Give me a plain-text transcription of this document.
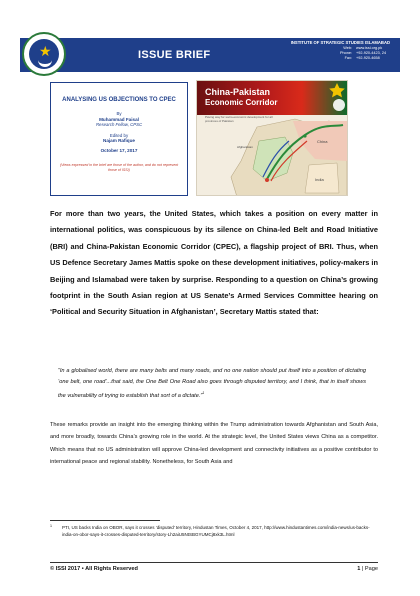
★	ISSUE BRIEF
INSTITUTE OF STRATEGIC STUDIES ISLAMABAD
Web: www.issi.org.pk
Phone: +92-920-4423, 24
Fax: +92-920-4658
ANALYSING US OBJECTIONS TO CPEC
By
Muhammad Faisal
Research Fellow, CPSC
Edited by
Najam Rafique
October 17, 2017
(Views expressed in the brief are those of the author, and do not represent those of ISSI)
China-Pakistan
Economic Corridor
Paving way for socio-economic development for all provinces of Pakistan
China
India
Afghanistan
For more than two years, the United States, which takes a position on every matter in international politics, was conspicuous by its silence on China-led Belt and Road Initiative (BRI) and China-Pakistan Economic Corridor (CPEC), a flagship project of BRI. Thus, when US Defence Secretary James Mattis spoke on these development initiatives, policy-makers in Beijing and Islamabad were taken by surprise. Responding to a question on China’s growing footprint in the South Asian region at US Senate’s Armed Services Committee hearing on ‘Political and Security Situation in Afghanistan’, Secretary Mattis stated that:
“In a globalised world, there are many belts and many roads, and no one nation should put itself into a position of dictating ‘one belt, one road’...that said, the One Belt One Road also goes through disputed territory, and I think, that in itself shows the vulnerability of trying to establish that sort of a dictate.”$^1$
These remarks provide an insight into the emerging thinking within the Trump administration towards Afghanistan and South Asia, and more broadly, towards China’s growing role in the world. At the strategic level, the United States views China as a competitor. Which means that no US administration will approve China-led development and connectivity initiatives as a positive contributor to international peace and regional stability. Nonetheless, for South Asia and
1 PTI, US backs India on OBOR, says it crosses ‘disputed’ territory, Hindustan Times, October 4, 2017, http://www.hindustantimes.com/india-news/us-backs-india-on-obor-says-it-crosses-disputed-territory/story-Lh2aiU5NtSBGYUMCj8xk3L.html
© ISSI 2017 • All Rights Reserved	1 | Page
